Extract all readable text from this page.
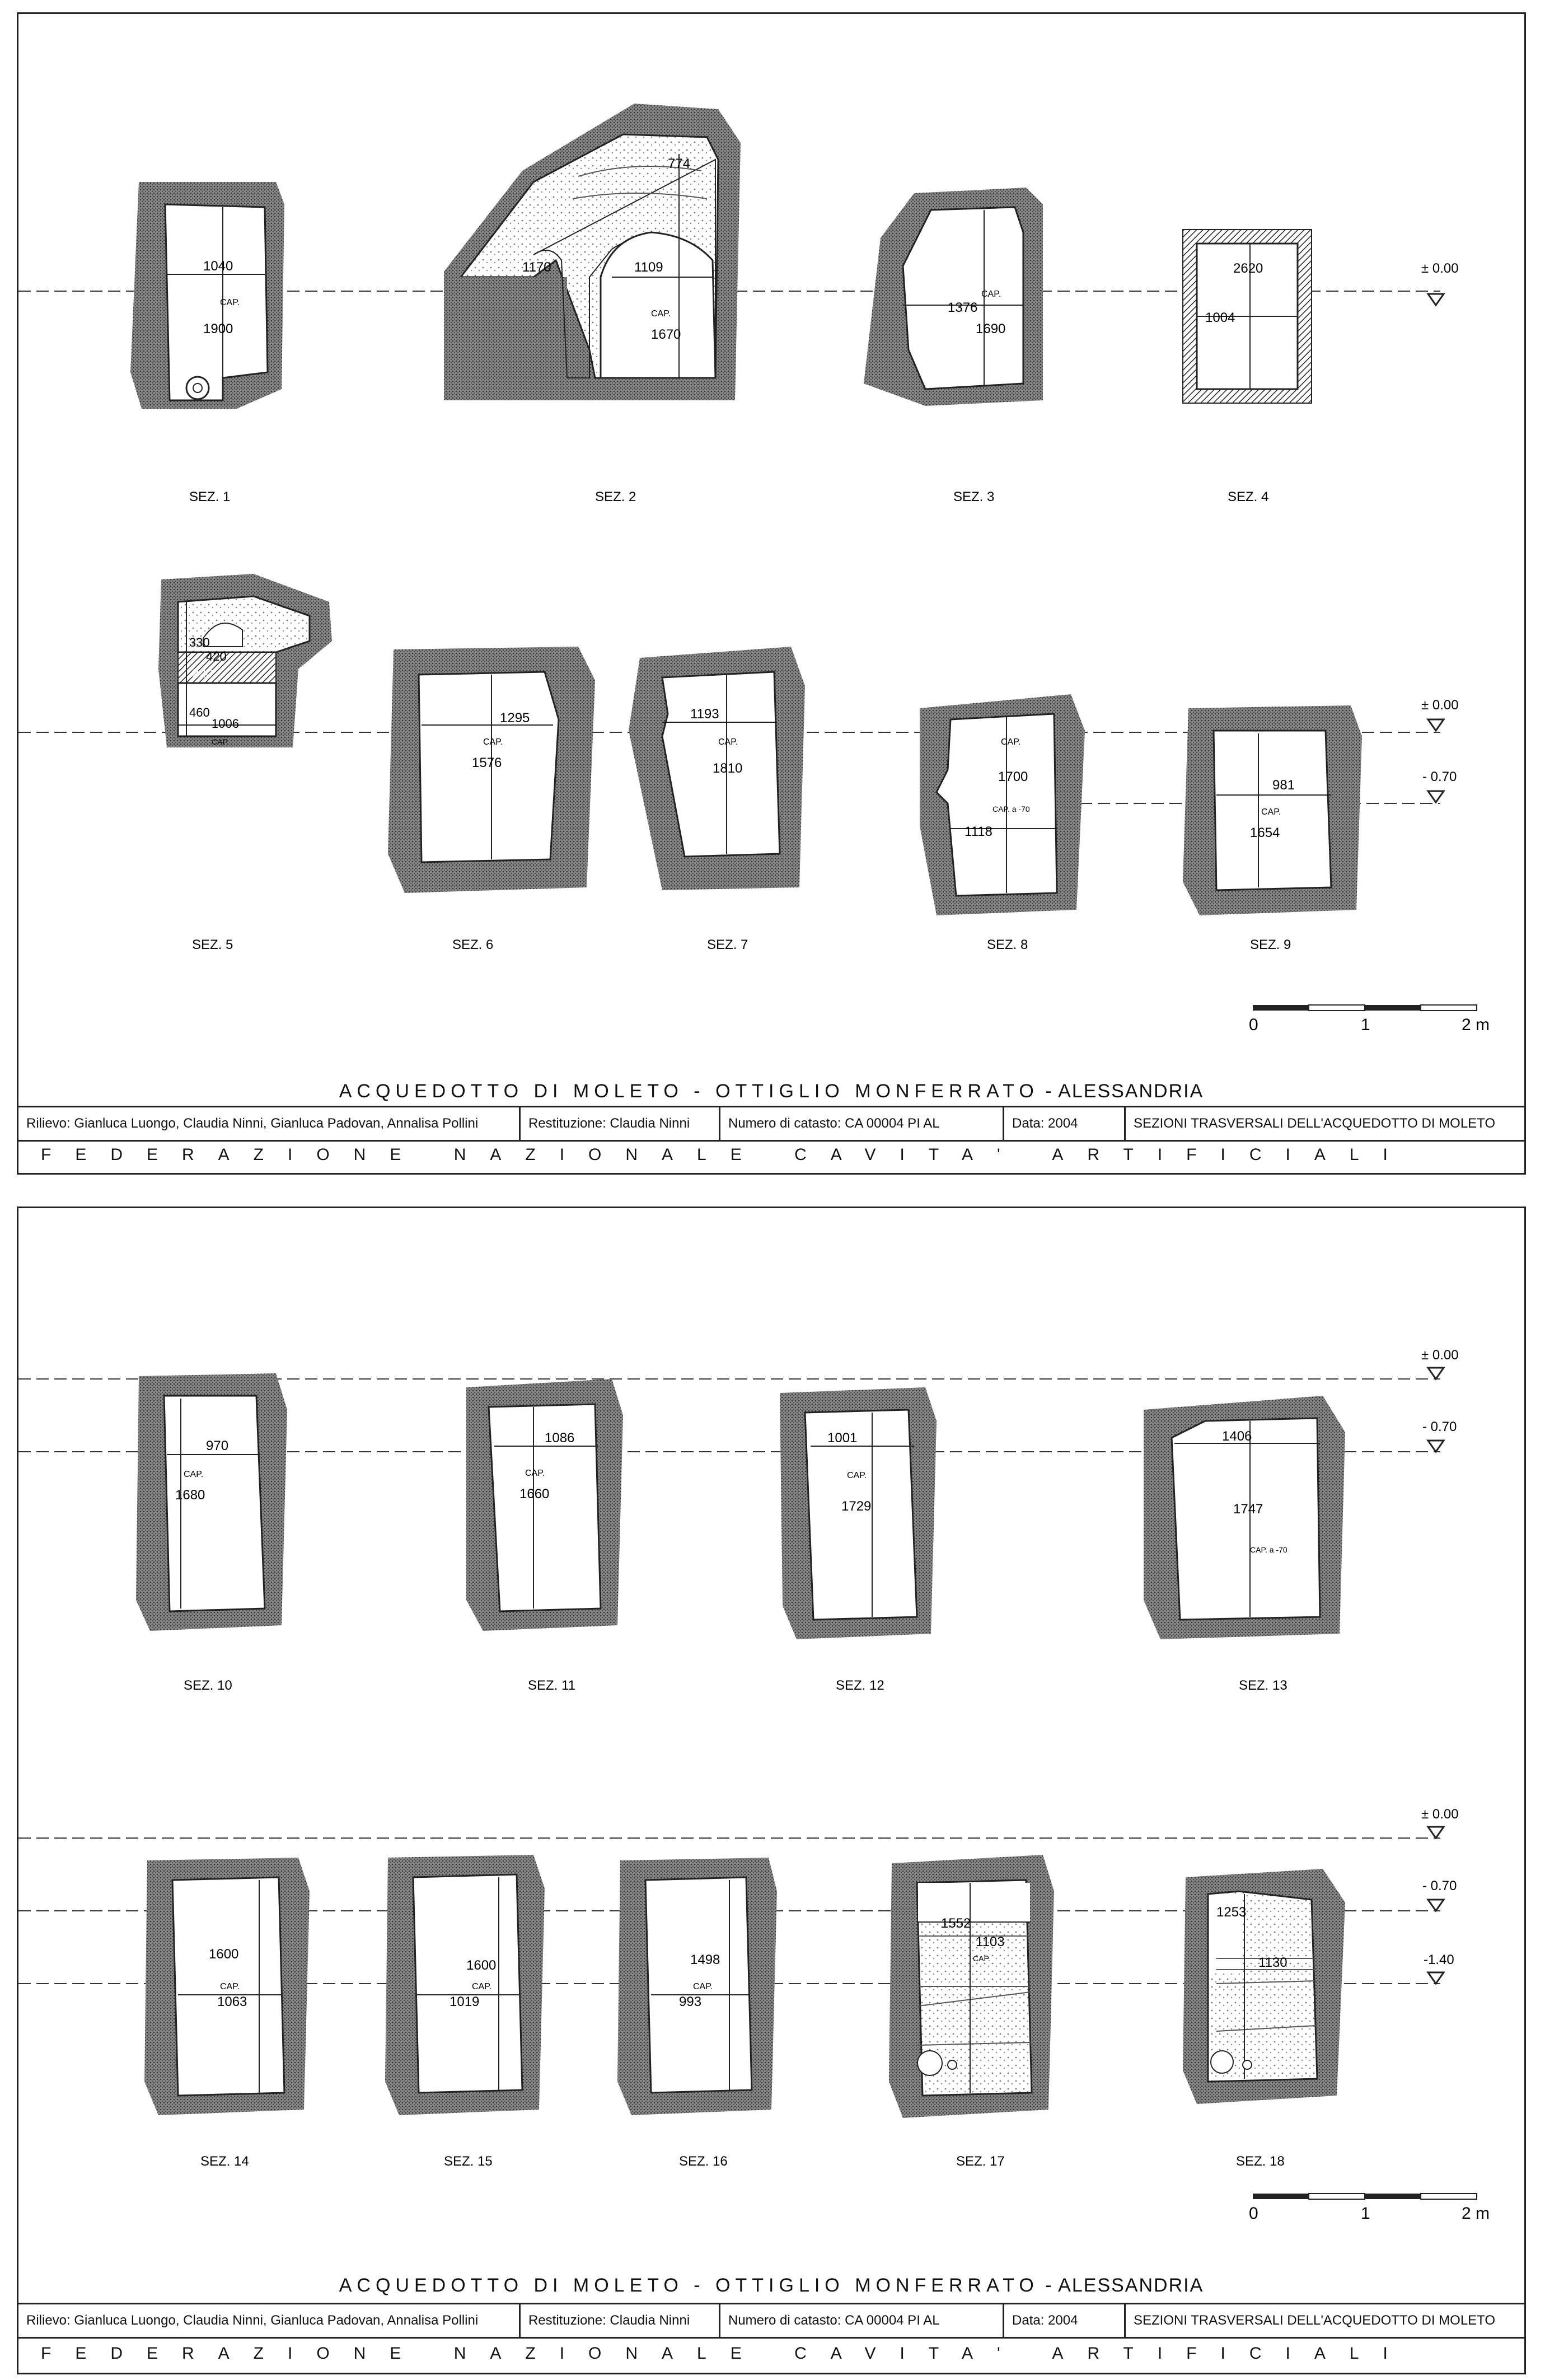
± 0.00
± 0.00
- 0.70
1040
CAP.
1900
SEZ. 1
774
1170	1109
CAP.
1670
SEZ. 2
1376
CAP.
1690
SEZ. 3
2620
1004
SEZ. 4
330
420
220
460
1006
CAP.
SEZ. 5
1295
CAP.
1576
SEZ. 6
1193
CAP.
1810
SEZ. 7
CAP.
1700
CAP. a -70
1118
SEZ. 8
981
CAP.
1654
SEZ. 9
0	1	2 m
ACQUEDOTTO DI MOLETO - OTTIGLIO MONFERRATO - ALESSANDRIA
Rilievo: Gianluca Luongo, Claudia Ninni, Gianluca Padovan, Annalisa Pollini	Restituzione: Claudia Ninni	Numero di catasto: CA 00004 PI AL	Data: 2004	SEZIONI TRASVERSALI DELL'ACQUEDOTTO DI MOLETO
FEDERAZIONE NAZIONALE CAVITA' ARTIFICIALI
± 0.00
- 0.70
± 0.00
- 0.70
-1.40
970
CAP.
1680
SEZ. 10
1086
CAP.
1660
SEZ. 11
1001
CAP.
1729
SEZ. 12
1406
1747
CAP. a -70
SEZ. 13
1600
CAP.
1063
SEZ. 14
1600
CAP.
1019
SEZ. 15
1498
CAP.
993
SEZ. 16
1552
1103
CAP.
SEZ. 17
1253
1130
SEZ. 18
0	1	2 m
ACQUEDOTTO DI MOLETO - OTTIGLIO MONFERRATO - ALESSANDRIA
Rilievo: Gianluca Luongo, Claudia Ninni, Gianluca Padovan, Annalisa Pollini	Restituzione: Claudia Ninni	Numero di catasto: CA 00004 PI AL	Data: 2004	SEZIONI TRASVERSALI DELL'ACQUEDOTTO DI MOLETO
FEDERAZIONE NAZIONALE CAVITA' ARTIFICIALI
